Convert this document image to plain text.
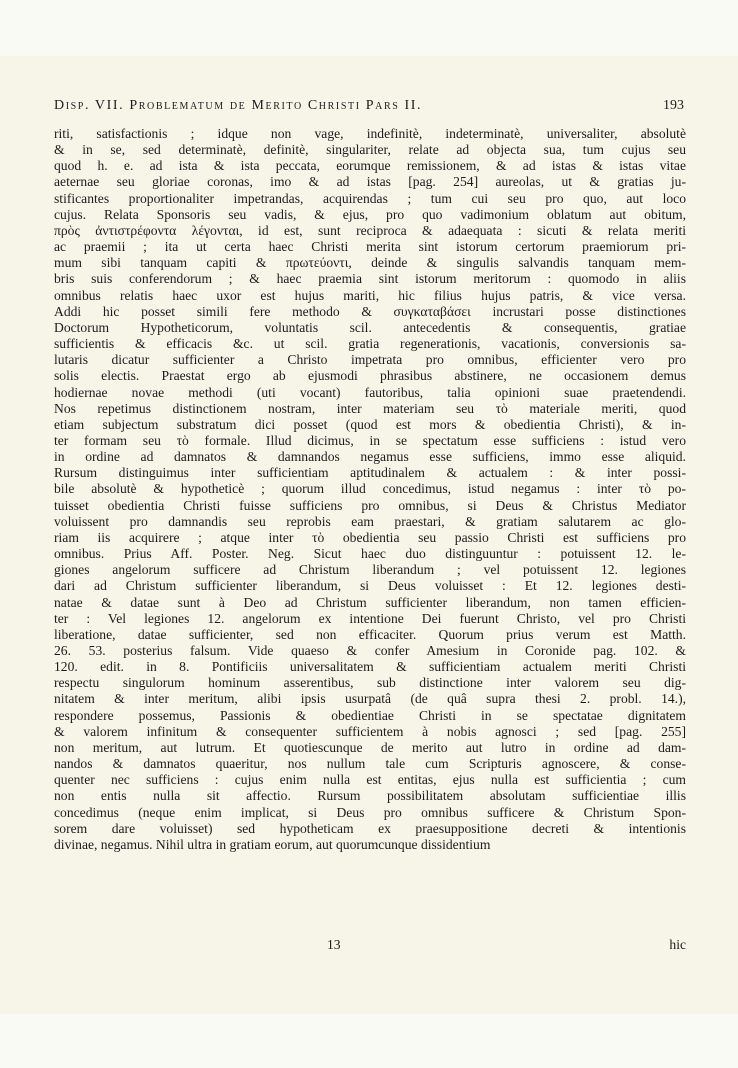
Disp. VII. Problematum de Merito Christi Pars II.	193
riti, satisfactionis ; idque non vage, indefinitè, indeterminatè, universaliter, absolutè
& in se, sed determinatè, definitè, singulariter, relate ad objecta sua, tum cujus seu
quod h. e. ad ista & ista peccata, eorumque remissionem, & ad istas & istas vitae
aeternae seu gloriae coronas, imo & ad istas [pag. 254] aureolas, ut & gratias ju-
stificantes proportionaliter impetrandas, acquirendas ; tum cui seu pro quo, aut loco
cujus. Relata Sponsoris seu vadis, & ejus, pro quo vadimonium oblatum aut obitum,
πρὸς ἀντιστρέφοντα λέγονται, id est, sunt reciproca & adaequata : sicuti & relata meriti
ac praemii ; ita ut certa haec Christi merita sint istorum certorum praemiorum pri-
mum sibi tanquam capiti & πρωτεύοντι, deinde & singulis salvandis tanquam mem-
bris suis conferendorum ; & haec praemia sint istorum meritorum : quomodo in aliis
omnibus relatis haec uxor est hujus mariti, hic filius hujus patris, & vice versa.
Addi hic posset simili fere methodo & συγκαταβάσει incrustari posse distinctiones
Doctorum Hypotheticorum, voluntatis scil. antecedentis & consequentis, gratiae
sufficientis & efficacis &c. ut scil. gratia regenerationis, vacationis, conversionis sa-
lutaris dicatur sufficienter a Christo impetrata pro omnibus, efficienter vero pro
solis electis. Praestat ergo ab ejusmodi phrasibus abstinere, ne occasionem demus
hodiernae novae methodi (uti vocant) fautoribus, talia opinioni suae praetendendi.
Nos repetimus distinctionem nostram, inter materiam seu τὸ materiale meriti, quod
etiam subjectum substratum dici posset (quod est mors & obedientia Christi), & in-
ter formam seu τὸ formale. Illud dicimus, in se spectatum esse sufficiens : istud vero
in ordine ad damnatos & damnandos negamus esse sufficiens, immo esse aliquid.
Rursum distinguimus inter sufficientiam aptitudinalem & actualem : & inter possi-
bile absolutè & hypotheticè ; quorum illud concedimus, istud negamus : inter τὸ po-
tuisset obedientia Christi fuisse sufficiens pro omnibus, si Deus & Christus Mediator
voluissent pro damnandis seu reprobis eam praestari, & gratiam salutarem ac glo-
riam iis acquirere ; atque inter τὸ obedientia seu passio Christi est sufficiens pro
omnibus. Prius Aff. Poster. Neg. Sicut haec duo distinguuntur : potuissent 12. le-
giones angelorum sufficere ad Christum liberandum ; vel potuissent 12. legiones
dari ad Christum sufficienter liberandum, si Deus voluisset : Et 12. legiones desti-
natae & datae sunt à Deo ad Christum sufficienter liberandum, non tamen efficien-
ter : Vel legiones 12. angelorum ex intentione Dei fuerunt Christo, vel pro Christi
liberatione, datae sufficienter, sed non efficaciter. Quorum prius verum est Matth.
26. 53. posterius falsum. Vide quaeso & confer Amesium in Coronide pag. 102. &
120. edit. in 8. Pontificiis universalitatem & sufficientiam actualem meriti Christi
respectu singulorum hominum asserentibus, sub distinctione inter valorem seu dig-
nitatem & inter meritum, alibi ipsis usurpatâ (de quâ supra thesi 2. probl. 14.),
respondere possemus, Passionis & obedientiae Christi in se spectatae dignitatem
& valorem infinitum & consequenter sufficientem à nobis agnosci ; sed [pag. 255]
non meritum, aut lutrum. Et quotiescunque de merito aut lutro in ordine ad dam-
nandos & damnatos quaeritur, nos nullum tale cum Scripturis agnoscere, & conse-
quenter nec sufficiens : cujus enim nulla est entitas, ejus nulla est sufficientia ; cum
non entis nulla sit affectio. Rursum possibilitatem absolutam sufficientiae illis
concedimus (neque enim implicat, si Deus pro omnibus sufficere & Christum Spon-
sorem dare voluisset) sed hypotheticam ex praesuppositione decreti & intentionis
divinae, negamus. Nihil ultra in gratiam eorum, aut quorumcunque dissidentium
13	hic
